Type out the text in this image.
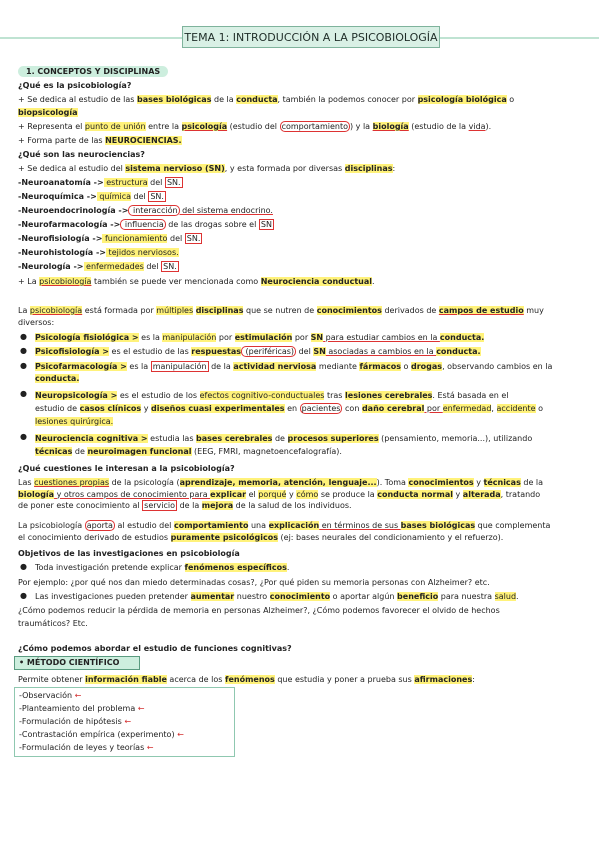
TEMA 1: INTRODUCCIÓN A LA PSICOBIOLOGÍA
1. CONCEPTOS Y DISCIPLINAS
¿Qué es la psicobiología?
+ Se dedica al estudio de las bases biológicas de la conducta, también la podemos conocer por psicología biológica o
biopsicología
+ Representa el punto de unión entre la psicología (estudio del comportamiento ) y la biología (estudio de la vida).
+ Forma parte de las NEUROCIENCIAS.
¿Qué son las neurociencias?
+ Se dedica al estudio del sistema nervioso (SN), y esta formada por diversas disciplinas:
-Neuroanatomía -> estructura del SN.
-Neuroquímica -> química del SN.
-Neuroendocrinología -> interacción del sistema endocrino.
-Neurofarmacología -> influencia de las drogas sobre el SN
-Neurofisiología -> funcionamiento del SN.
-Neurohistología -> tejidos nerviosos.
-Neurología -> enfermedades del SN.
+ La psicobiología también se puede ver mencionada como Neurociencia conductual.
La psicobiología está formada por múltiples disciplinas que se nutren de conocimientos derivados de campos de estudio muy
diversos:
● Psicología fisiológica > es la manipulación por estimulación por SN para estudiar cambios en la conducta.
● Psicofisiología > es el estudio de las respuestas (periféricas) del SN asociadas a cambios en la conducta.
● Psicofarmacología > es la manipulación de la actividad nerviosa mediante fármacos o drogas, observando cambios en la
conducta.
● Neuropsicología > es el estudio de los efectos cognitivo-conductuales tras lesiones cerebrales. Está basada en el
estudio de casos clínicos y diseños cuasi experimentales en pacientes con daño cerebral por enfermedad, accidente o
lesiones quirúrgica.
● Neurociencia cognitiva > estudia las bases cerebrales de procesos superiores (pensamiento, memoria...), utilizando
técnicas de neuroimagen funcional (EEG, FMRI, magnetoencefalografía).
¿Qué cuestiones le interesan a la psicobiología?
Las cuestiones propias de la psicología (aprendizaje, memoria, atención, lenguaje...). Toma conocimientos y técnicas de la
biología y otros campos de conocimiento para explicar el porqué y cómo se produce la conducta normal y alterada, tratando
de poner este conocimiento al servicio de la mejora de la salud de los individuos.
La psicobiología aporta al estudio del comportamiento una explicación en términos de sus bases biológicas que complementa
el conocimiento derivado de estudios puramente psicológicos (ej: bases neurales del condicionamiento y el refuerzo).
Objetivos de las investigaciones en psicobiología
● Toda investigación pretende explicar fenómenos específicos.
Por ejemplo: ¿por qué nos dan miedo determinadas cosas?, ¿Por qué piden su memoria personas con Alzheimer? etc.
● Las investigaciones pueden pretender aumentar nuestro conocimiento o aportar algún beneficio para nuestra salud.
¿Cómo podemos reducir la pérdida de memoria en personas Alzheimer?, ¿Cómo podemos favorecer el olvido de hechos
traumáticos? Etc.
¿Cómo podemos abordar el estudio de funciones cognitivas?
• MÉTODO CIENTÍFICO
Permite obtener información fiable acerca de los fenómenos que estudia y poner a prueba sus afirmaciones:
-Observación ←
-Planteamiento del problema ←
-Formulación de hipótesis ←
-Contrastación empírica (experimento) ←
-Formulación de leyes y teorías ←
